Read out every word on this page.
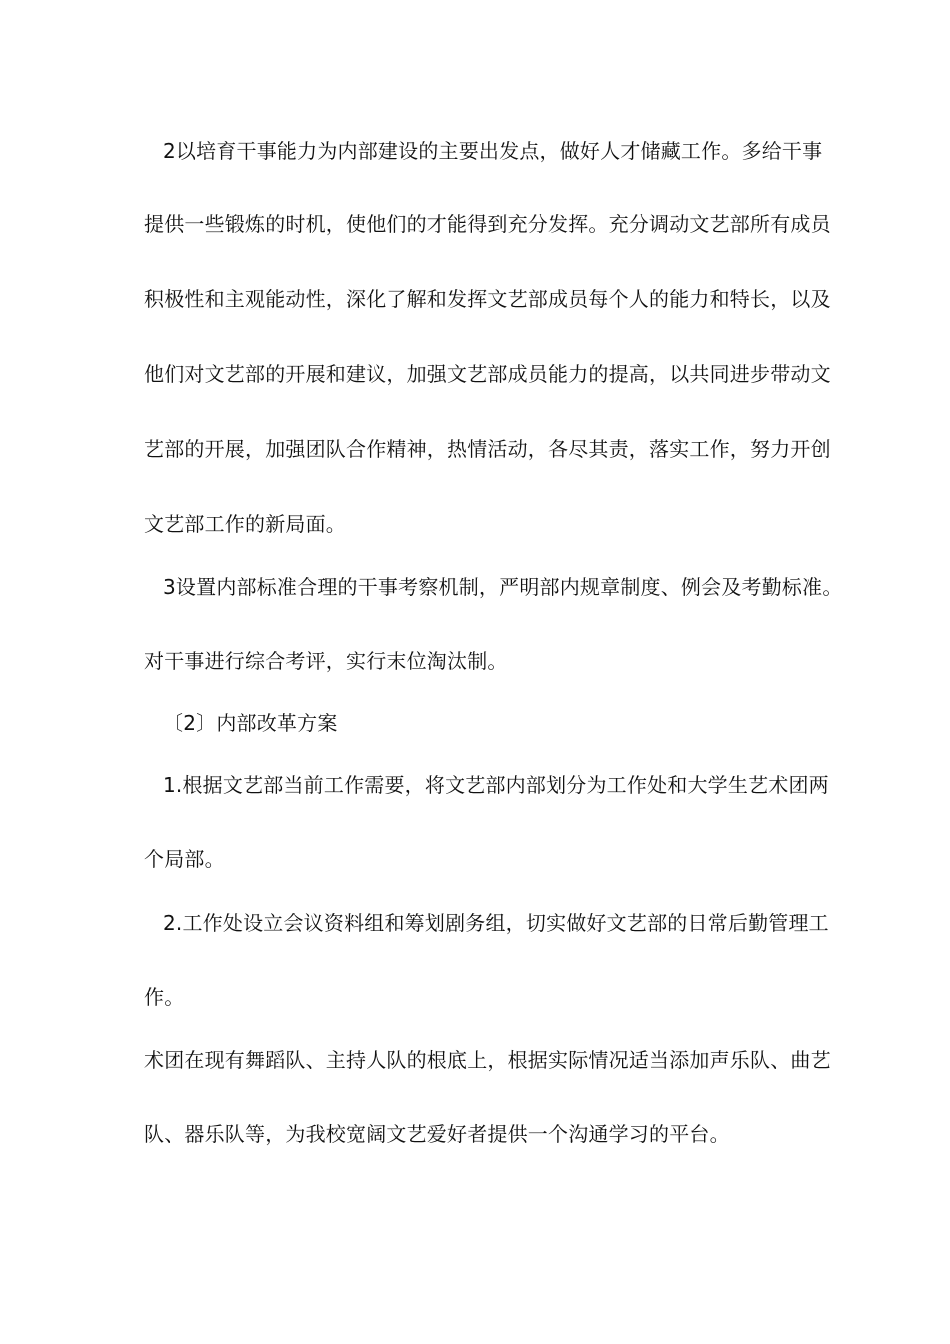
2以培育干事能力为内部建设的主要出发点，做好人才储藏工作。多给干事
提供一些锻炼的时机，使他们的才能得到充分发挥。充分调动文艺部所有成员
积极性和主观能动性，深化了解和发挥文艺部成员每个人的能力和特长，以及
他们对文艺部的开展和建议，加强文艺部成员能力的提高，以共同进步带动文
艺部的开展，加强团队合作精神，热情活动，各尽其责，落实工作，努力开创
文艺部工作的新局面。
3设置内部标准合理的干事考察机制，严明部内规章制度、例会及考勤标准。
对干事进行综合考评，实行末位淘汰制。
〔2〕内部改革方案
1.根据文艺部当前工作需要，将文艺部内部划分为工作处和大学生艺术团两
个局部。
2.工作处设立会议资料组和筹划剧务组，切实做好文艺部的日常后勤管理工
作。
术团在现有舞蹈队、主持人队的根底上，根据实际情况适当添加声乐队、曲艺
队、器乐队等，为我校宽阔文艺爱好者提供一个沟通学习的平台。
